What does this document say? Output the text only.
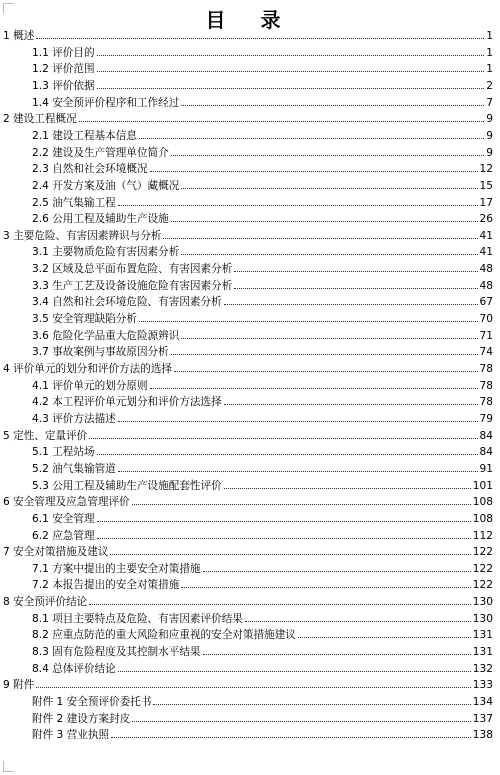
目 录
1 概述	1
1.1 评价目的	1
1.2 评价范围	1
1.3 评价依据	2
1.4 安全预评价程序和工作经过	7
2 建设工程概况	9
2.1 建设工程基本信息	9
2.2 建设及生产管理单位简介	9
2.3 自然和社会环境概况	12
2.4 开发方案及油（气）藏概况	15
2.5 油气集输工程	17
2.6 公用工程及辅助生产设施	26
3 主要危险、有害因素辨识与分析	41
3.1 主要物质危险有害因素分析	41
3.2 区域及总平面布置危险、有害因素分析	48
3.3 生产工艺及设备设施危险有害因素分析	48
3.4 自然和社会环境危险、有害因素分析	67
3.5 安全管理缺陷分析	70
3.6 危险化学品重大危险源辨识	71
3.7 事故案例与事故原因分析	74
4 评价单元的划分和评价方法的选择	78
4.1 评价单元的划分原则	78
4.2 本工程评价单元划分和评价方法选择	78
4.3 评价方法描述	79
5 定性、定量评价	84
5.1 工程站场	84
5.2 油气集输管道	91
5.3 公用工程及辅助生产设施配套性评价	101
6 安全管理及应急管理评价	108
6.1 安全管理	108
6.2 应急管理	112
7 安全对策措施及建议	122
7.1 方案中提出的主要安全对策措施	122
7.2 本报告提出的安全对策措施	122
8 安全预评价结论	130
8.1 项目主要特点及危险、有害因素评价结果	130
8.2 应重点防范的重大风险和应重视的安全对策措施建议	131
8.3 固有危险程度及其控制水平结果	131
8.4 总体评价结论	132
9 附件	133
附件 1 安全预评价委托书	134
附件 2 建设方案封皮	137
附件 3 营业执照	138
